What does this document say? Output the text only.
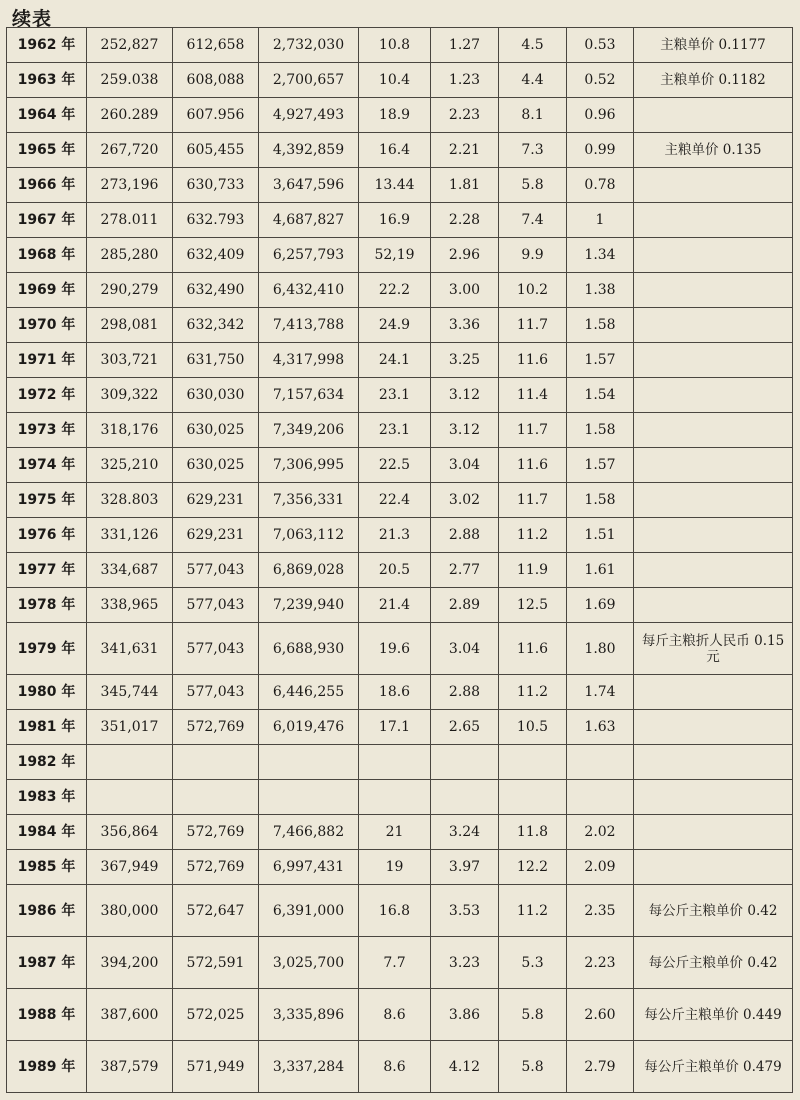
续表
1962 年	252,827	612,658	2,732,030	10.8	1.27	4.5	0.53	主粮单价 0.1177
1963 年	259.038	608,088	2,700,657	10.4	1.23	4.4	0.52	主粮单价 0.1182
1964 年	260.289	607.956	4,927,493	18.9	2.23	8.1	0.96	
1965 年	267,720	605,455	4,392,859	16.4	2.21	7.3	0.99	主粮单价 0.135
1966 年	273,196	630,733	3,647,596	13.44	1.81	5.8	0.78	
1967 年	278.011	632.793	4,687,827	16.9	2.28	7.4	1	
1968 年	285,280	632,409	6,257,793	52,19	2.96	9.9	1.34	
1969 年	290,279	632,490	6,432,410	22.2	3.00	10.2	1.38	
1970 年	298,081	632,342	7,413,788	24.9	3.36	11.7	1.58	
1971 年	303,721	631,750	4,317,998	24.1	3.25	11.6	1.57	
1972 年	309,322	630,030	7,157,634	23.1	3.12	11.4	1.54	
1973 年	318,176	630,025	7,349,206	23.1	3.12	11.7	1.58	
1974 年	325,210	630,025	7,306,995	22.5	3.04	11.6	1.57	
1975 年	328.803	629,231	7,356,331	22.4	3.02	11.7	1.58	
1976 年	331,126	629,231	7,063,112	21.3	2.88	11.2	1.51	
1977 年	334,687	577,043	6,869,028	20.5	2.77	11.9	1.61	
1978 年	338,965	577,043	7,239,940	21.4	2.89	12.5	1.69	
1979 年	341,631	577,043	6,688,930	19.6	3.04	11.6	1.80	每斤主粮折人民币 0.15 元
1980 年	345,744	577,043	6,446,255	18.6	2.88	11.2	1.74	
1981 年	351,017	572,769	6,019,476	17.1	2.65	10.5	1.63	
1982 年								
1983 年								
1984 年	356,864	572,769	7,466,882	21	3.24	11.8	2.02	
1985 年	367,949	572,769	6,997,431	19	3.97	12.2	2.09	
1986 年	380,000	572,647	6,391,000	16.8	3.53	11.2	2.35	每公斤主粮单价 0.42
1987 年	394,200	572,591	3,025,700	7.7	3.23	5.3	2.23	每公斤主粮单价 0.42
1988 年	387,600	572,025	3,335,896	8.6	3.86	5.8	2.60	每公斤主粮单价 0.449
1989 年	387,579	571,949	3,337,284	8.6	4.12	5.8	2.79	每公斤主粮单价 0.479
